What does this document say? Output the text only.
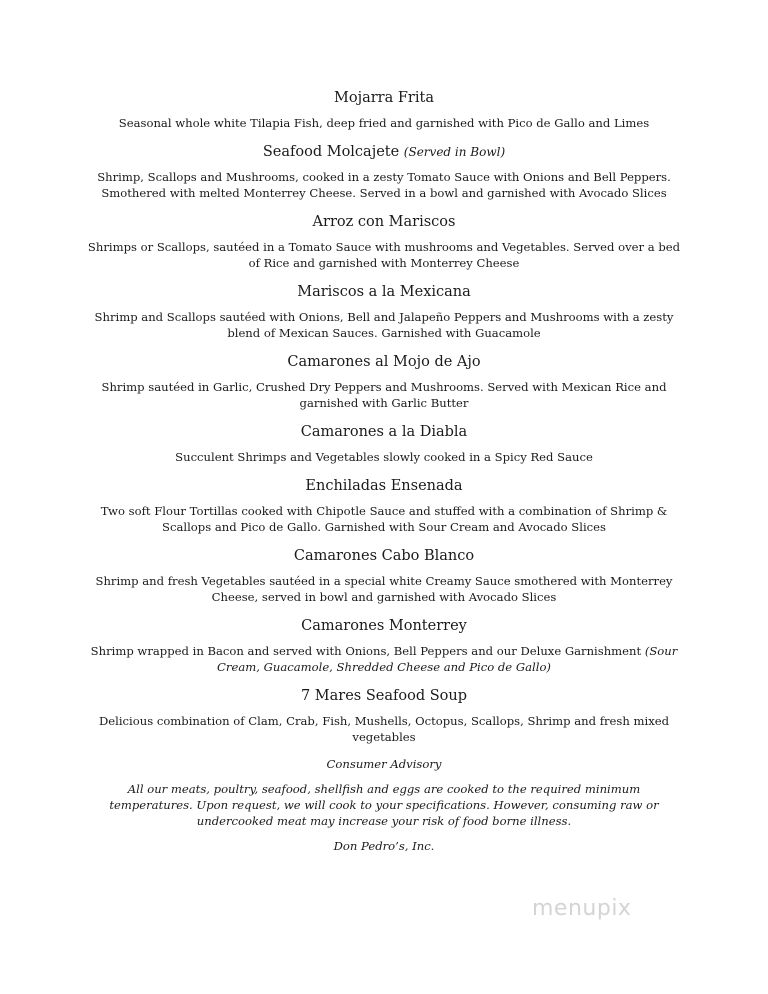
Mojarra Frita
Seasonal whole white Tilapia Fish, deep fried and garnished with Pico de Gallo and Limes
Seafood Molcajete (Served in Bowl)
Shrimp, Scallops and Mushrooms, cooked in a zesty Tomato Sauce with Onions and Bell Peppers. Smothered with melted Monterrey Cheese. Served in a bowl and garnished with Avocado Slices
Arroz con Mariscos
Shrimps or Scallops, sautéed in a Tomato Sauce with mushrooms and Vegetables. Served over a bed of Rice and garnished with Monterrey Cheese
Mariscos a la Mexicana
Shrimp and Scallops sautéed with Onions, Bell and Jalapeño Peppers and Mushrooms with a zesty blend of Mexican Sauces. Garnished with Guacamole
Camarones al Mojo de Ajo
Shrimp sautéed in Garlic, Crushed Dry Peppers and Mushrooms. Served with Mexican Rice and garnished with Garlic Butter
Camarones a la Diabla
Succulent Shrimps and Vegetables slowly cooked in a Spicy Red Sauce
Enchiladas Ensenada
Two soft Flour Tortillas cooked with Chipotle Sauce and stuffed with a combination of Shrimp & Scallops and Pico de Gallo. Garnished with Sour Cream and Avocado Slices
Camarones Cabo Blanco
Shrimp and fresh Vegetables sautéed in a special white Creamy Sauce smothered with Monterrey Cheese, served in bowl and garnished with Avocado Slices
Camarones Monterrey
Shrimp wrapped in Bacon and served with Onions, Bell Peppers and our Deluxe Garnishment (Sour Cream, Guacamole, Shredded Cheese and Pico de Gallo)
7 Mares Seafood Soup
Delicious combination of Clam, Crab, Fish, Mushells, Octopus, Scallops, Shrimp and fresh mixed vegetables
Consumer Advisory
All our meats, poultry, seafood, shellfish and eggs are cooked to the required minimum temperatures. Upon request, we will cook to your specifications. However, consuming raw or undercooked meat may increase your risk of food borne illness.
Don Pedro’s, Inc.
menupix
